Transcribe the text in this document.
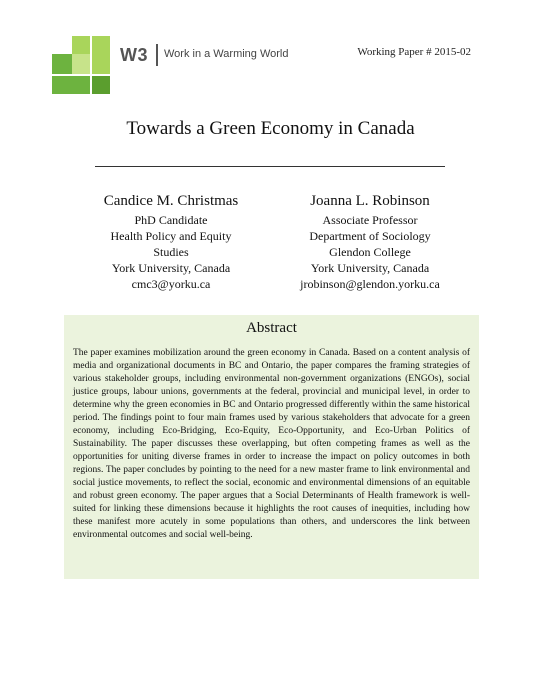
W3 Work in a Warming World	Working Paper # 2015-02
Towards a Green Economy in Canada
Candice M. Christmas
PhD Candidate
Health Policy and Equity
Studies
York University, Canada
cmc3@yorku.ca
Joanna L. Robinson
Associate Professor
Department of Sociology
Glendon College
York University, Canada
jrobinson@glendon.yorku.ca
Abstract

The paper examines mobilization around the green economy in Canada. Based on a content analysis of media and organizational documents in BC and Ontario, the paper compares the framing strategies of various stakeholder groups, including environmental non-government organizations (ENGOs), social justice groups, labour unions, governments at the federal, provincial and municipal level, in order to determine why the green economies in BC and Ontario progressed differently within the same historical period. The findings point to four main frames used by various stakeholders that advocate for a green economy, including Eco-Bridging, Eco-Equity, Eco-Opportunity, and Eco-Urban Politics of Sustainability. The paper discusses these overlapping, but often competing frames as well as the opportunities for uniting diverse frames in order to increase the impact on policy outcomes in both regions. The paper concludes by pointing to the need for a new master frame to link environmental and social justice movements, to reflect the social, economic and environmental dimensions of an equitable and robust green economy. The paper argues that a Social Determinants of Health framework is well-suited for linking these dimensions because it highlights the root causes of inequities, including how these manifest more acutely in some populations than others, and underscores the link between environmental outcomes and social well-being.
